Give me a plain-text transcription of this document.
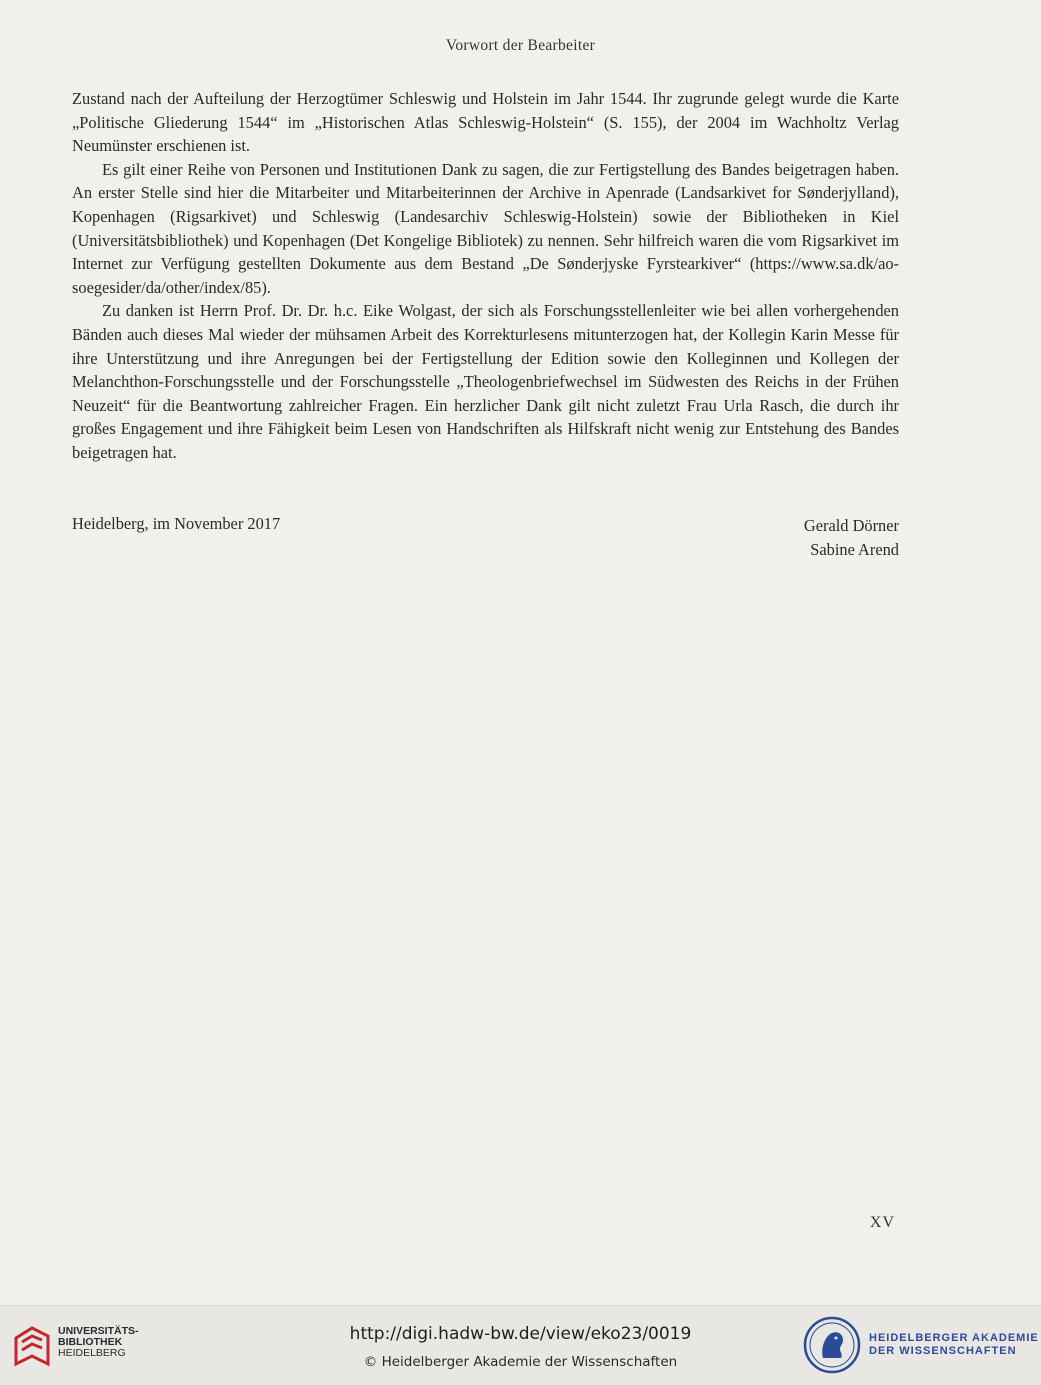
Vorwort der Bearbeiter

Zustand nach der Aufteilung der Herzogtümer Schleswig und Holstein im Jahr 1544. Ihr zugrunde gelegt wurde die Karte „Politische Gliederung 1544“ im „Historischen Atlas Schleswig-Holstein“ (S. 155), der 2004 im Wachholtz Verlag Neumünster erschienen ist.

Es gilt einer Reihe von Personen und Institutionen Dank zu sagen, die zur Fertigstellung des Bandes beigetragen haben. An erster Stelle sind hier die Mitarbeiter und Mitarbeiterinnen der Archive in Apenrade (Landsarkivet for Sønderjylland), Kopenhagen (Rigsarkivet) und Schleswig (Landesarchiv Schleswig-Holstein) sowie der Bibliotheken in Kiel (Universitätsbibliothek) und Kopenhagen (Det Kongelige Bibliotek) zu nennen. Sehr hilfreich waren die vom Rigsarkivet im Internet zur Verfügung gestellten Dokumente aus dem Bestand „De Sønderjyske Fyrstearkiver“ (https://www.sa.dk/ao-soegesider/da/other/index/85).

Zu danken ist Herrn Prof. Dr. Dr. h.c. Eike Wolgast, der sich als Forschungsstellenleiter wie bei allen vorhergehenden Bänden auch dieses Mal wieder der mühsamen Arbeit des Korrekturlesens mitunterzogen hat, der Kollegin Karin Messe für ihre Unterstützung und ihre Anregungen bei der Fertigstellung der Edition sowie den Kolleginnen und Kollegen der Melanchthon-Forschungsstelle und der Forschungsstelle „Theologenbriefwechsel im Südwesten des Reichs in der Frühen Neuzeit“ für die Beantwortung zahlreicher Fragen. Ein herzlicher Dank gilt nicht zuletzt Frau Urla Rasch, die durch ihr großes Engagement und ihre Fähigkeit beim Lesen von Handschriften als Hilfskraft nicht wenig zur Entstehung des Bandes beigetragen hat.

Heidelberg, im November 2017	Gerald Dörner
Sabine Arend
XV
UNIVERSITÄTS-
BIBLIOTHEK
HEIDELBERG
http://digi.hadw-bw.de/view/eko23/0019
© Heidelberger Akademie der Wissenschaften
HEIDELBERGER AKADEMIE
DER WISSENSCHAFTEN
